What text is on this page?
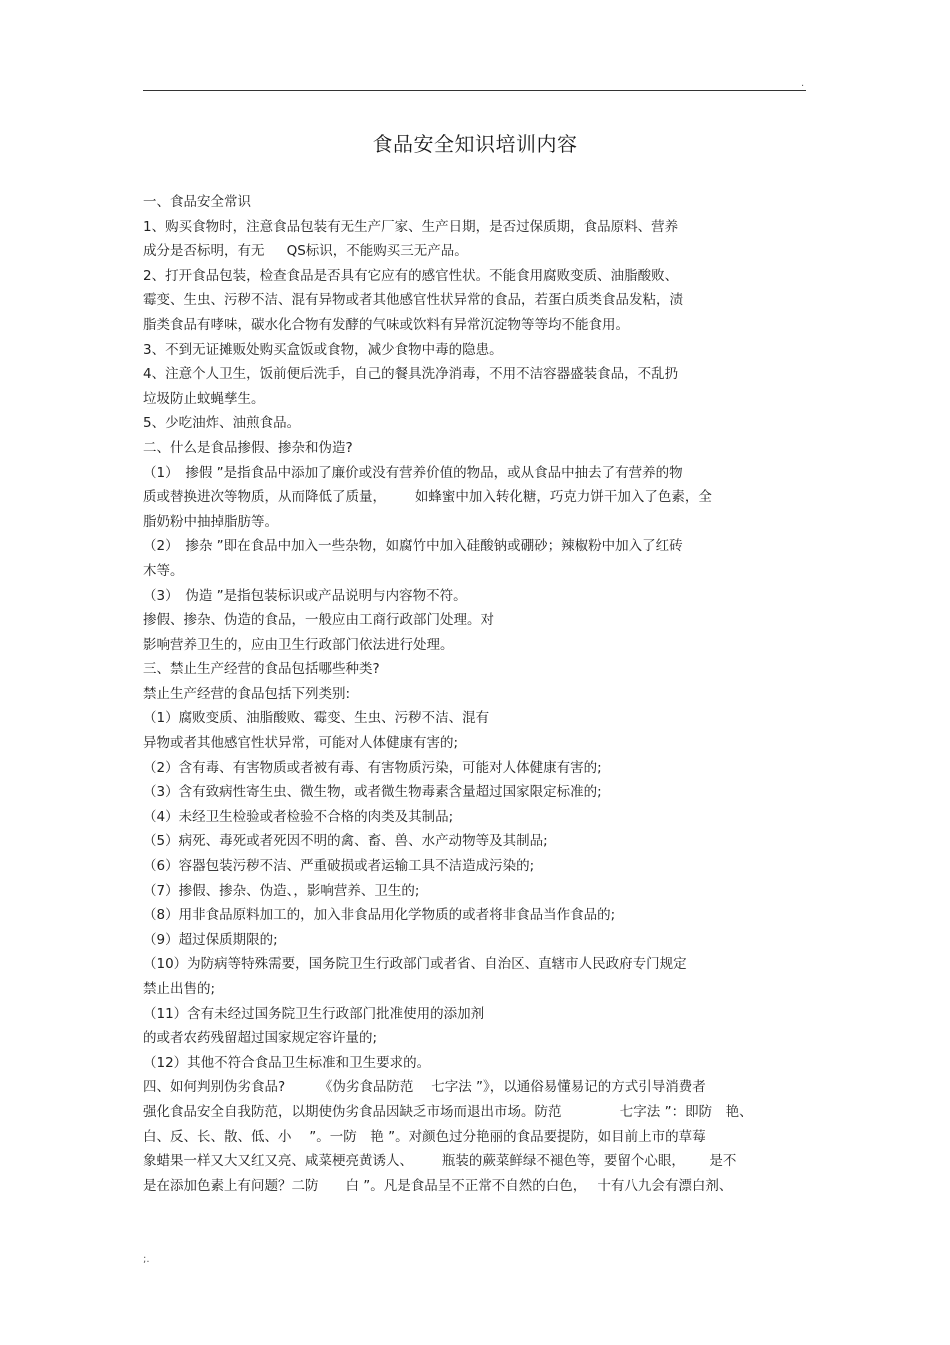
.
食品安全知识培训内容
一、食品安全常识
1、购买食物时，注意食品包装有无生产厂家、生产日期，是否过保质期，食品原料、营养
成分是否标明，有无　  QS标识，不能购买三无产品。
2、打开食品包装，检查食品是否具有它应有的感官性状。不能食用腐败变质、油脂酸败、
霉变、生虫、污秽不洁、混有异物或者其他感官性状异常的食品，若蛋白质类食品发粘，渍
脂类食品有哮味，碳水化合物有发酵的气味或饮料有异常沉淀物等等均不能食用。
3、不到无证摊贩处购买盒饭或食物，减少食物中毒的隐患。
4、注意个人卫生，饭前便后洗手，自己的餐具洗净消毒，不用不洁容器盛装食品，不乱扔
垃圾防止蚊蝇孳生。
5、少吃油炸、油煎食品。
二、什么是食品掺假、掺杂和伪造?
（1）　掺假 ”是指食品中添加了廉价或没有营养价值的物品，或从食品中抽去了有营养的物
质或替换进次等物质，从而降低了质量，　　  如蜂蜜中加入转化糖，巧克力饼干加入了色素，全
脂奶粉中抽掉脂肪等。
（2）　掺杂 ”即在食品中加入一些杂物，如腐竹中加入硅酸钠或硼砂；辣椒粉中加入了红砖
木等。
（3）　伪造 ”是指包装标识或产品说明与内容物不符。
掺假、掺杂、伪造的食品，一般应由工商行政部门处理。对
影响营养卫生的，应由卫生行政部门依法进行处理。
三、禁止生产经营的食品包括哪些种类?
禁止生产经营的食品包括下列类别:
（1）腐败变质、油脂酸败、霉变、生虫、污秽不洁、混有
异物或者其他感官性状异常，可能对人体健康有害的;
（2）含有毒、有害物质或者被有毒、有害物质污染，可能对人体健康有害的;
（3）含有致病性寄生虫、微生物，或者微生物毒素含量超过国家限定标准的;
（4）未经卫生检验或者检验不合格的肉类及其制品;
（5）病死、毒死或者死因不明的禽、畜、兽、水产动物等及其制品;
（6）容器包装污秽不洁、严重破损或者运输工具不洁造成污染的;
（7）掺假、掺杂、伪造、，影响营养、卫生的;
（8）用非食品原料加工的，加入非食品用化学物质的或者将非食品当作食品的;
（9）超过保质期限的;
（10）为防病等特殊需要，国务院卫生行政部门或者省、自治区、直辖市人民政府专门规定
禁止出售的;
（11）含有未经过国务院卫生行政部门批准使用的添加剂
的或者农药残留超过国家规定容许量的;
（12）其他不符合食品卫生标准和卫生要求的。
四、如何判别伪劣食品?　　　《伪劣食品防范　 七字法 ”》，以通俗易懂易记的方式引导消费者
强化食品安全自我防范，以期使伪劣食品因缺乏市场而退出市场。防范　　　　 七字法 ”：即防　艳、
白、反、长、散、低、小　 ”。一防　艳 ”。对颜色过分艳丽的食品要提防，如目前上市的草莓
象蜡果一样又大又红又亮、咸菜梗亮黄诱人、　　  瓶装的蕨菜鲜绿不褪色等，要留个心眼，　　 是不
是在添加色素上有问题？二防　　白 ”。凡是食品呈不正常不自然的白色，　 十有八九会有漂白剂、
;.
